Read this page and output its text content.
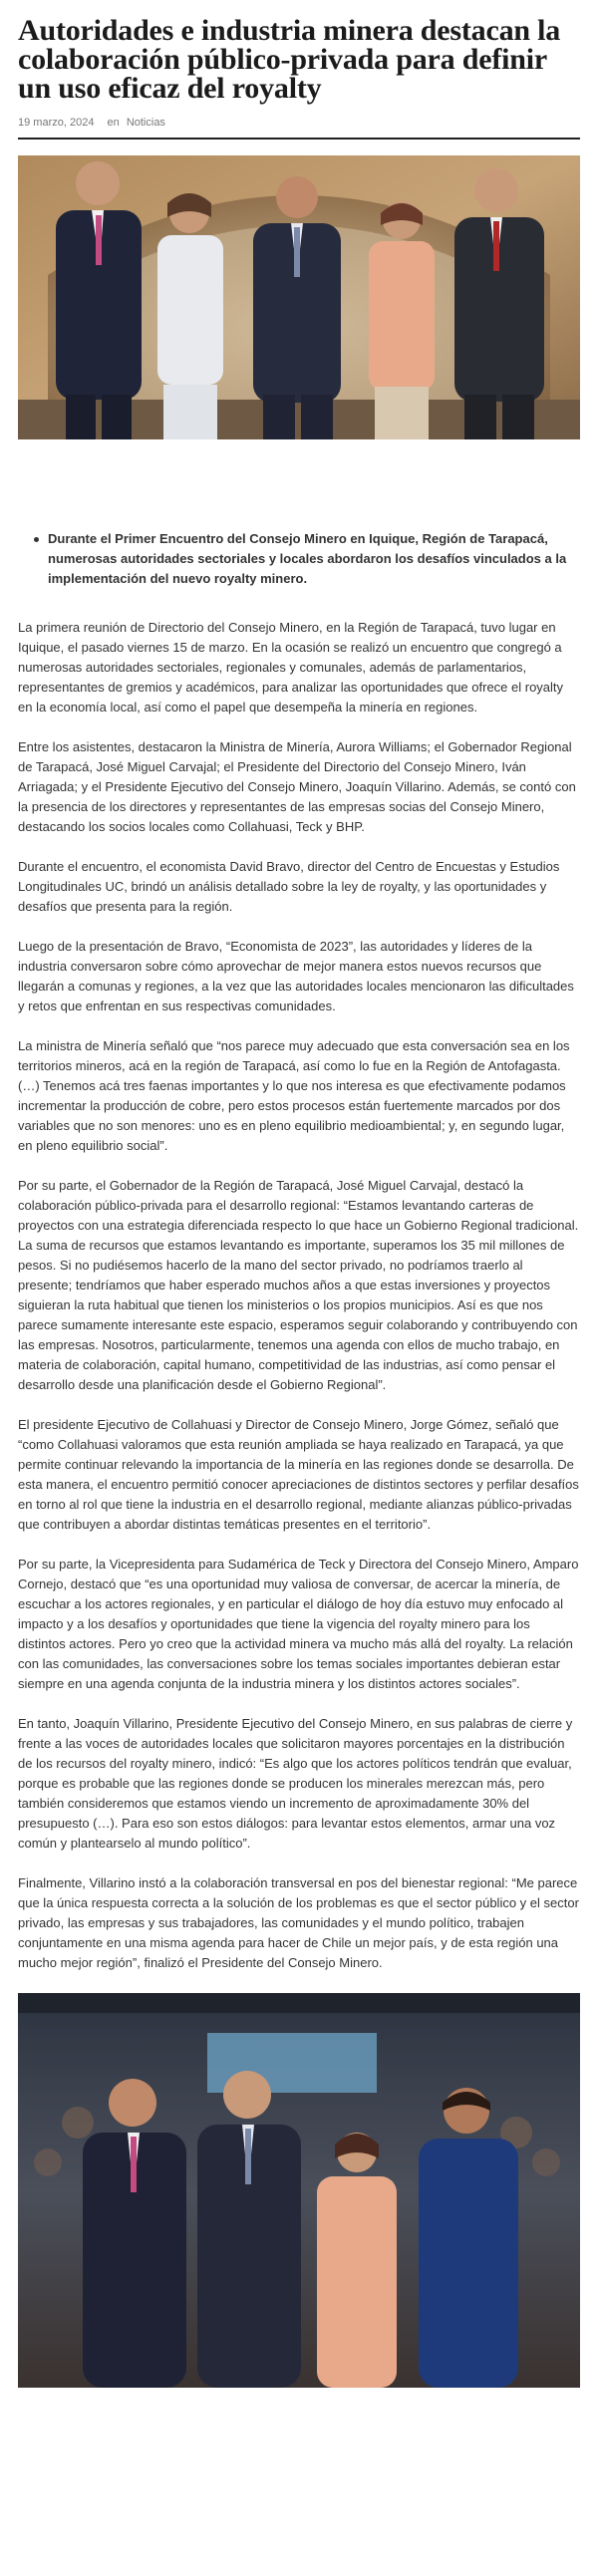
Autoridades e industria minera destacan la colaboración público-privada para definir un uso eficaz del royalty
19 marzo, 2024 en Noticias
Durante el Primer Encuentro del Consejo Minero en Iquique, Región de Tarapacá, numerosas autoridades sectoriales y locales abordaron los desafíos vinculados a la implementación del nuevo royalty minero.

La primera reunión de Directorio del Consejo Minero, en la Región de Tarapacá, tuvo lugar en Iquique, el pasado viernes 15 de marzo. En la ocasión se realizó un encuentro que congregó a numerosas autoridades sectoriales, regionales y comunales, además de parlamentarios, representantes de gremios y académicos, para analizar las oportunidades que ofrece el royalty en la economía local, así como el papel que desempeña la minería en regiones.

Entre los asistentes, destacaron la Ministra de Minería, Aurora Williams; el Gobernador Regional de Tarapacá, José Miguel Carvajal; el Presidente del Directorio del Consejo Minero, Iván Arriagada; y el Presidente Ejecutivo del Consejo Minero, Joaquín Villarino. Además, se contó con la presencia de los directores y representantes de las empresas socias del Consejo Minero, destacando los socios locales como Collahuasi, Teck y BHP.

Durante el encuentro, el economista David Bravo, director del Centro de Encuestas y Estudios Longitudinales UC, brindó un análisis detallado sobre la ley de royalty, y las oportunidades y desafíos que presenta para la región.

Luego de la presentación de Bravo, “Economista de 2023”, las autoridades y líderes de la industria conversaron sobre cómo aprovechar de mejor manera estos nuevos recursos que llegarán a comunas y regiones, a la vez que las autoridades locales mencionaron las dificultades y retos que enfrentan en sus respectivas comunidades.

La ministra de Minería señaló que “nos parece muy adecuado que esta conversación sea en los territorios mineros, acá en la región de Tarapacá, así como lo fue en la Región de Antofagasta. (…) Tenemos acá tres faenas importantes y lo que nos interesa es que efectivamente podamos incrementar la producción de cobre, pero estos procesos están fuertemente marcados por dos variables que no son menores: uno es en pleno equilibrio medioambiental; y, en segundo lugar, en pleno equilibrio social”.

Por su parte, el Gobernador de la Región de Tarapacá, José Miguel Carvajal, destacó la colaboración público-privada para el desarrollo regional: “Estamos levantando carteras de proyectos con una estrategia diferenciada respecto lo que hace un Gobierno Regional tradicional. La suma de recursos que estamos levantando es importante, superamos los 35 mil millones de pesos. Si no pudiésemos hacerlo de la mano del sector privado, no podríamos traerlo al presente; tendríamos que haber esperado muchos años a que estas inversiones y proyectos siguieran la ruta habitual que tienen los ministerios o los propios municipios. Así es que nos parece sumamente interesante este espacio, esperamos seguir colaborando y contribuyendo con las empresas. Nosotros, particularmente, tenemos una agenda con ellos de mucho trabajo, en materia de colaboración, capital humano, competitividad de las industrias, así como pensar el desarrollo desde una planificación desde el Gobierno Regional”.

El presidente Ejecutivo de Collahuasi y Director de Consejo Minero, Jorge Gómez, señaló que “como Collahuasi valoramos que esta reunión ampliada se haya realizado en Tarapacá, ya que permite continuar relevando la importancia de la minería en las regiones donde se desarrolla. De esta manera, el encuentro permitió conocer apreciaciones de distintos sectores y perfilar desafíos en torno al rol que tiene la industria en el desarrollo regional, mediante alianzas público-privadas que contribuyen a abordar distintas temáticas presentes en el territorio”.

Por su parte, la Vicepresidenta para Sudamérica de Teck y Directora del Consejo Minero, Amparo Cornejo, destacó que “es una oportunidad muy valiosa de conversar, de acercar la minería, de escuchar a los actores regionales, y en particular el diálogo de hoy día estuvo muy enfocado al impacto y a los desafíos y oportunidades que tiene la vigencia del royalty minero para los distintos actores. Pero yo creo que la actividad minera va mucho más allá del royalty. La relación con las comunidades, las conversaciones sobre los temas sociales importantes debieran estar siempre en una agenda conjunta de la industria minera y los distintos actores sociales”.

En tanto, Joaquín Villarino, Presidente Ejecutivo del Consejo Minero, en sus palabras de cierre y frente a las voces de autoridades locales que solicitaron mayores porcentajes en la distribución de los recursos del royalty minero, indicó: “Es algo que los actores políticos tendrán que evaluar, porque es probable que las regiones donde se producen los minerales merezcan más, pero también consideremos que estamos viendo un incremento de aproximadamente 30% del presupuesto (…). Para eso son estos diálogos: para levantar estos elementos, armar una voz común y plantearselo al mundo político”.

Finalmente, Villarino instó a la colaboración transversal en pos del bienestar regional: “Me parece que la única respuesta correcta a la solución de los problemas es que el sector público y el sector privado, las empresas y sus trabajadores, las comunidades y el mundo político, trabajen conjuntamente en una misma agenda para hacer de Chile un mejor país, y de esta región una mucho mejor región”, finalizó el Presidente del Consejo Minero.
